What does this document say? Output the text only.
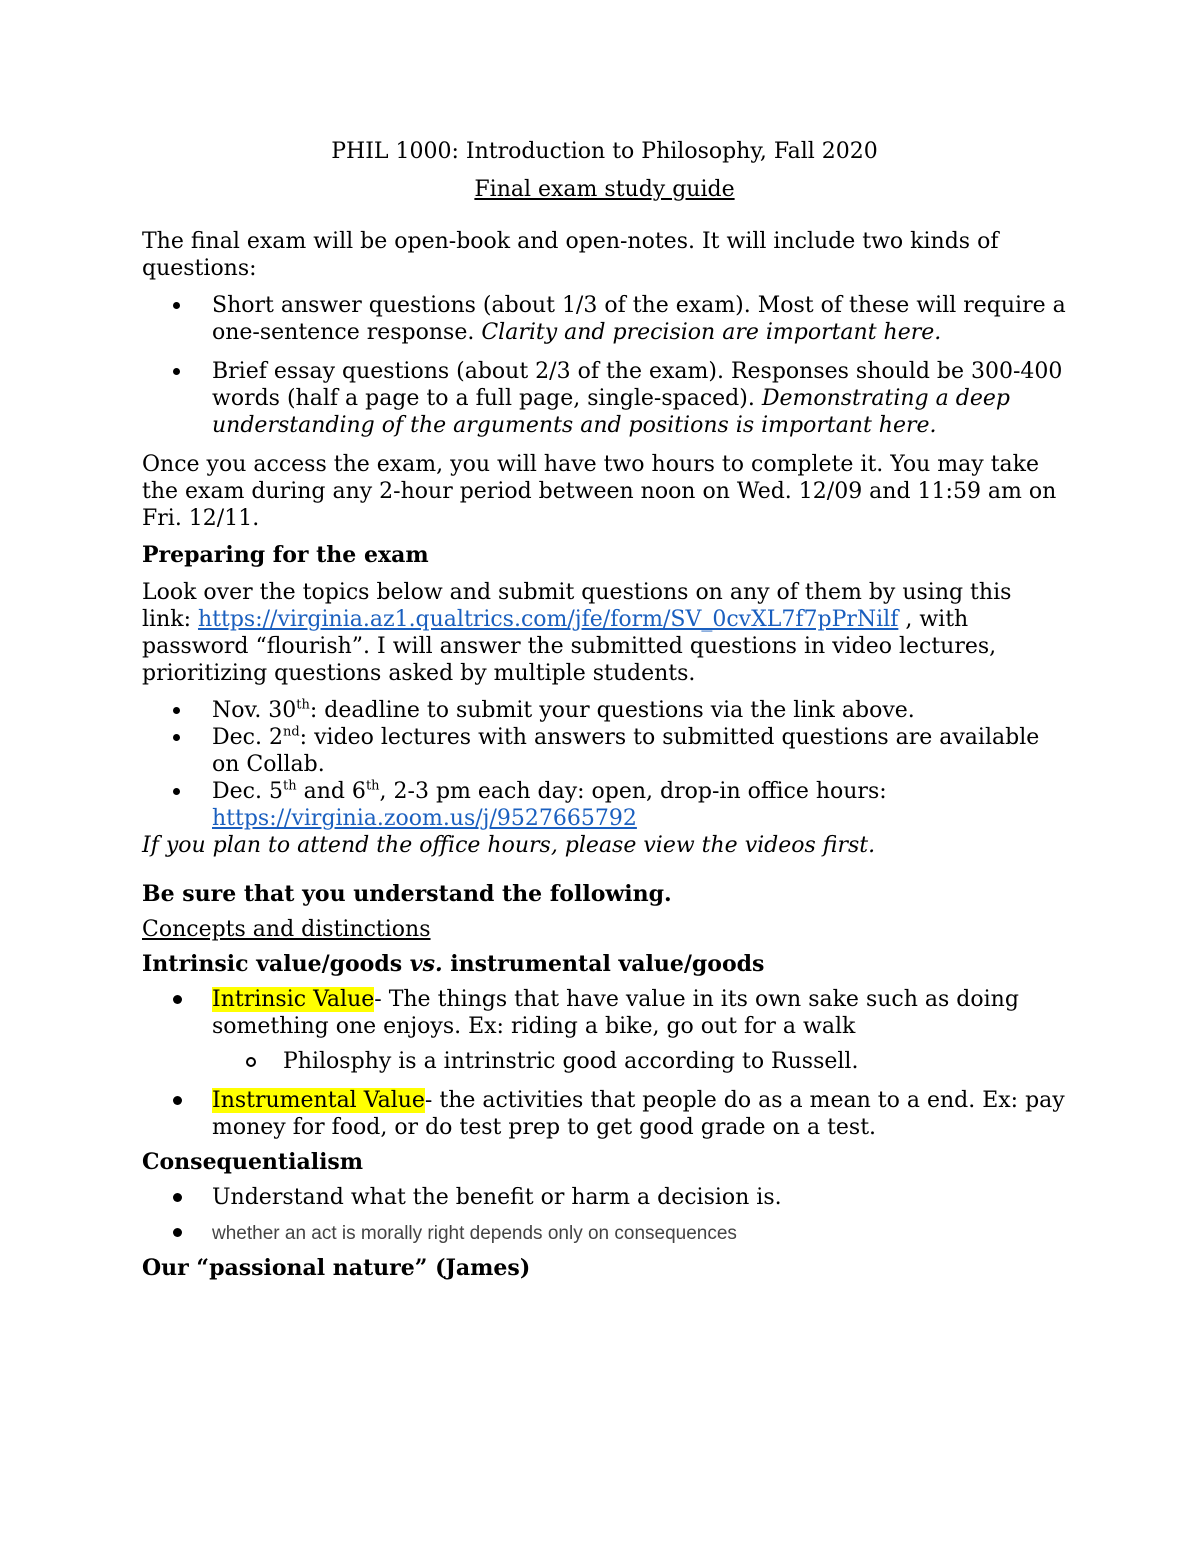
PHIL 1000: Introduction to Philosophy, Fall 2020

Final exam study guide

The final exam will be open-book and open-notes. It will include two kinds of questions:

Short answer questions (about 1/3 of the exam). Most of these will require a one-sentence response. Clarity and precision are important here.
Brief essay questions (about 2/3 of the exam). Responses should be 300-400 words (half a page to a full page, single-spaced). Demonstrating a deep understanding of the arguments and positions is important here.

Once you access the exam, you will have two hours to complete it. You may take the exam during any 2-hour period between noon on Wed. 12/09 and 11:59 am on Fri. 12/11.

Preparing for the exam

Look over the topics below and submit questions on any of them by using this link: https://virginia.az1.qualtrics.com/jfe/form/SV_0cvXL7f7pPrNilf , with password “flourish”. I will answer the submitted questions in video lectures, prioritizing questions asked by multiple students.

Nov. 30th: deadline to submit your questions via the link above.
Dec. 2nd: video lectures with answers to submitted questions are available on Collab.
Dec. 5th and 6th, 2-3 pm each day: open, drop-in office hours: https://virginia.zoom.us/j/9527665792

If you plan to attend the office hours, please view the videos first.

Be sure that you understand the following.

Concepts and distinctions

Intrinsic value/goods vs. instrumental value/goods

Intrinsic Value- The things that have value in its own sake such as doing something one enjoys. Ex: riding a bike, go out for a walk
Philosphy is a intrinstric good according to Russell.
Instrumental Value- the activities that people do as a mean to a end. Ex: pay money for food, or do test prep to get good grade on a test.

Consequentialism

Understand what the benefit or harm a decision is.
whether an act is morally right depends only on consequences

Our “passional nature” (James)
